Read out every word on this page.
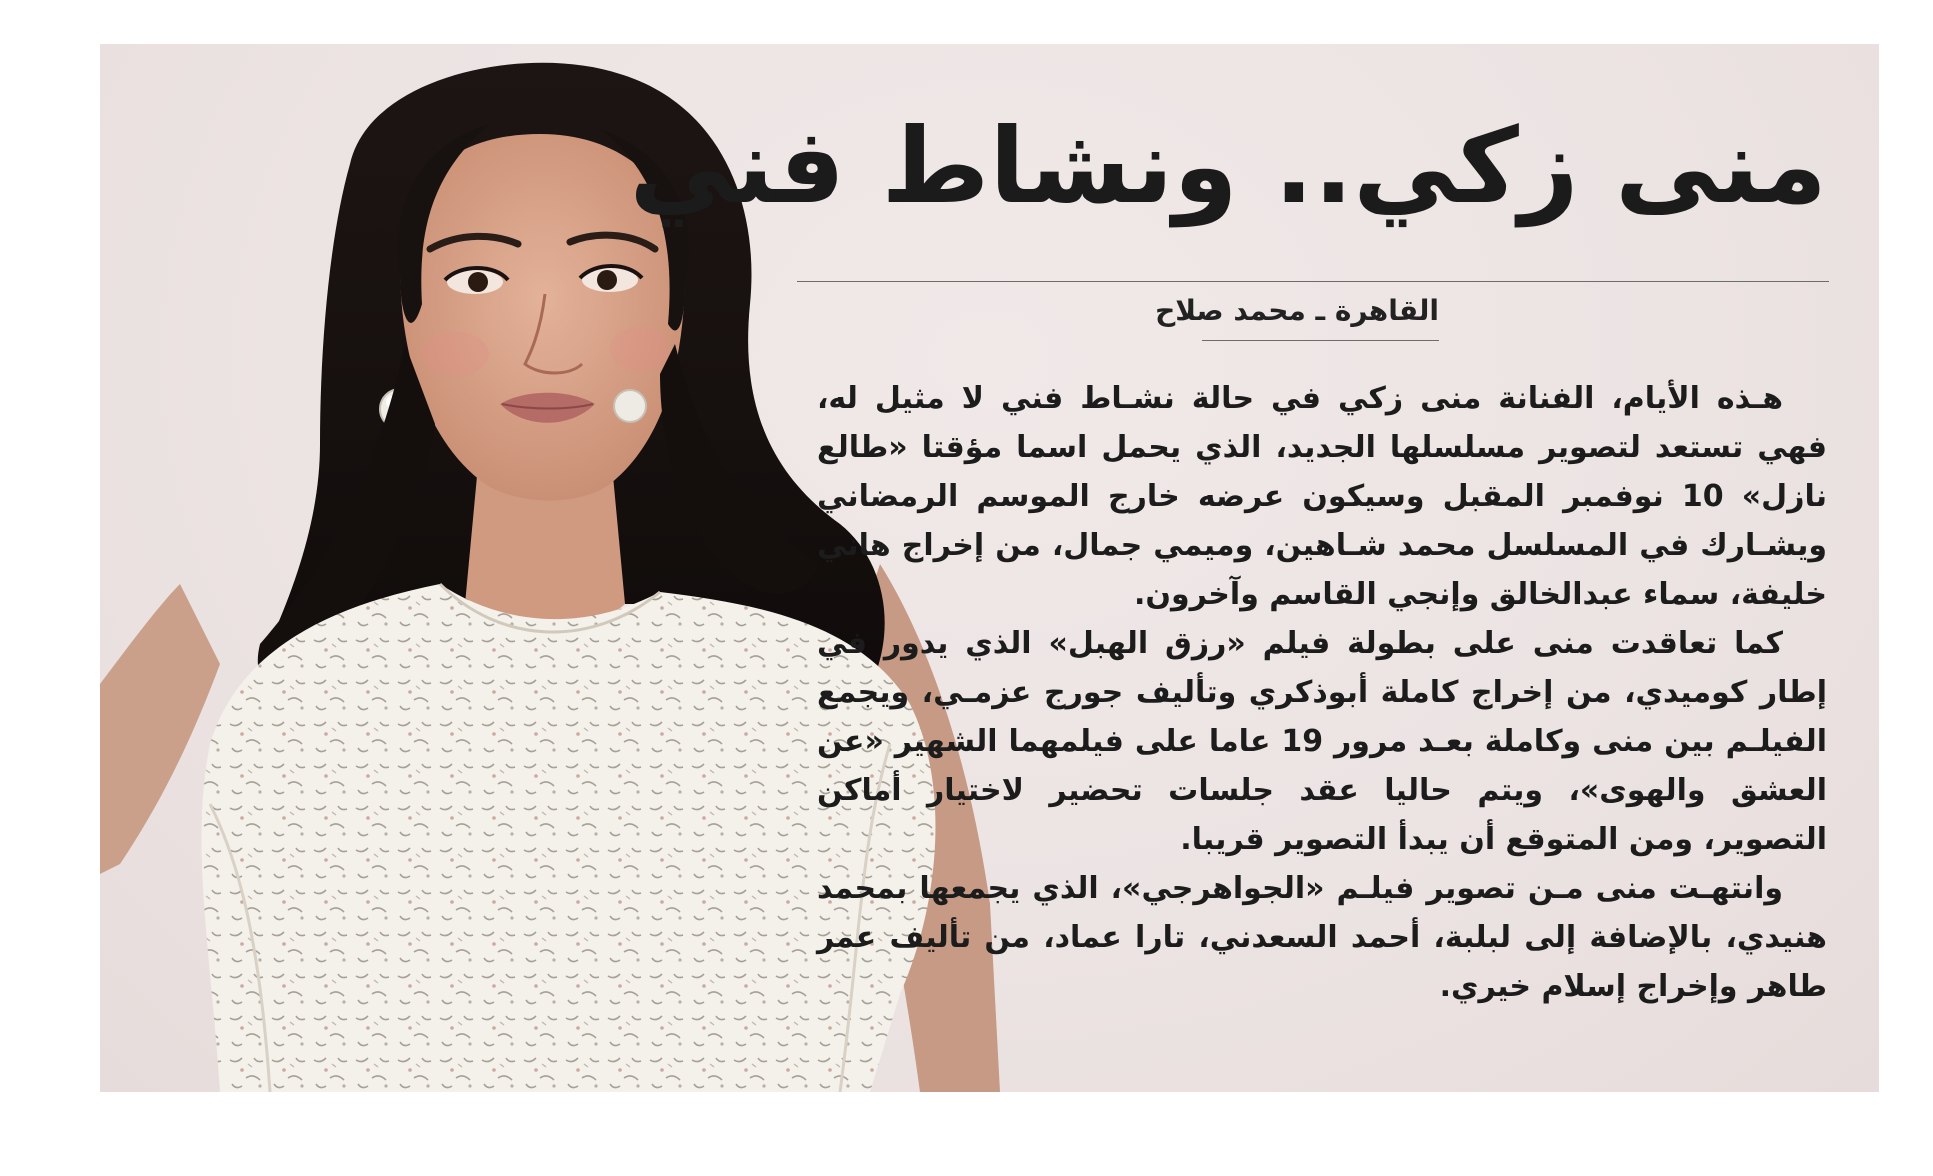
منى زكي.. ونشاط فني
القاهرة ـ محمد صلاح

هـذه الأيام، الفنانة منى زكي في حالة نشـاط فني لا مثيل له، فهي تستعد لتصوير مسلسلها الجديد، الذي يحمل اسما مؤقتا «طالع نازل» 10 نوفمبر المقبل وسيكون عرضه خارج الموسم الرمضاني ويشـارك في المسلسل محمد شـاهين، وميمي جمال، من إخراج هاني خليفة، سماء عبدالخالق وإنجي القاسم وآخرون.

كما تعاقدت منى على بطولة فيلم «رزق الهبل» الذي يدور في إطار كوميدي، من إخراج كاملة أبوذكري وتأليف جورج عزمـي، ويجمع الفيلـم بين منى وكاملة بعـد مرور 19 عاما على فيلمهما الشهير «عن العشق والهوى»، ويتم حاليا عقد جلسات تحضير لاختيار أماكن التصوير، ومن المتوقع أن يبدأ التصوير قريبا.

وانتهـت منى مـن تصوير فيلـم «الجواهرجي»، الذي يجمعها بمحمد هنيدي، بالإضافة إلى لبلبة، أحمد السعدني، تارا عماد، من تأليف عمر طاهر وإخراج إسلام خيري.
